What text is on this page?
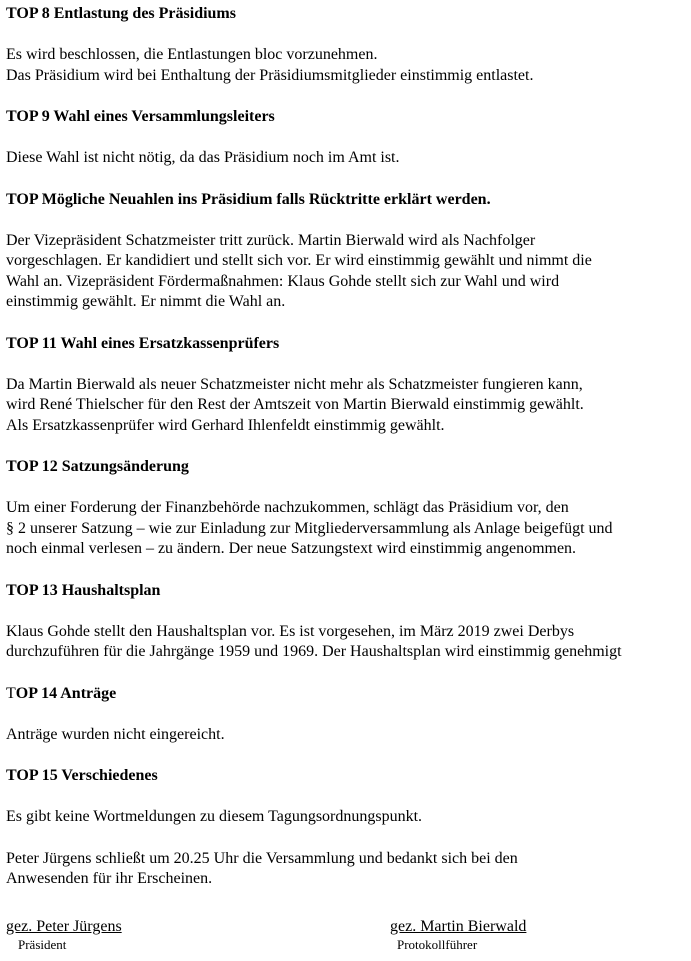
TOP 8 Entlastung des Präsidiums
Es wird beschlossen, die Entlastungen bloc vorzunehmen.
Das Präsidium wird bei Enthaltung der Präsidiumsmitglieder einstimmig entlastet.
TOP 9 Wahl eines Versammlungsleiters
Diese Wahl ist nicht nötig, da das Präsidium noch im Amt ist.
TOP Mögliche Neuahlen ins Präsidium falls Rücktritte erklärt werden.
Der Vizepräsident Schatzmeister tritt zurück. Martin Bierwald wird als Nachfolger
vorgeschlagen. Er kandidiert und stellt sich vor. Er wird einstimmig gewählt und nimmt die
Wahl an. Vizepräsident Fördermaßnahmen: Klaus Gohde stellt sich zur Wahl und wird
einstimmig gewählt. Er nimmt die Wahl an.
TOP 11 Wahl eines Ersatzkassenprüfers
Da Martin Bierwald als neuer Schatzmeister nicht mehr als Schatzmeister fungieren kann,
wird René Thielscher für den Rest der Amtszeit von Martin Bierwald einstimmig gewählt.
Als Ersatzkassenprüfer wird Gerhard Ihlenfeldt einstimmig gewählt.
TOP 12 Satzungsänderung
Um einer Forderung der Finanzbehörde nachzukommen, schlägt das Präsidium vor, den
§ 2 unserer Satzung – wie zur Einladung zur Mitgliederversammlung als Anlage beigefügt und
noch einmal verlesen – zu ändern. Der neue Satzungstext wird einstimmig angenommen.
TOP 13 Haushaltsplan
Klaus Gohde stellt den Haushaltsplan vor. Es ist vorgesehen, im März 2019 zwei Derbys
durchzuführen für die Jahrgänge 1959 und 1969. Der Haushaltsplan wird einstimmig genehmigt
TOP 14 Anträge
Anträge wurden nicht eingereicht.
TOP 15 Verschiedenes
Es gibt keine Wortmeldungen zu diesem Tagungsordnungspunkt.
Peter Jürgens schließt um 20.25 Uhr die Versammlung und bedankt sich bei den
Anwesenden für ihr Erscheinen.
gez. Peter Jürgens
Präsident
gez. Martin Bierwald
Protokollführer
